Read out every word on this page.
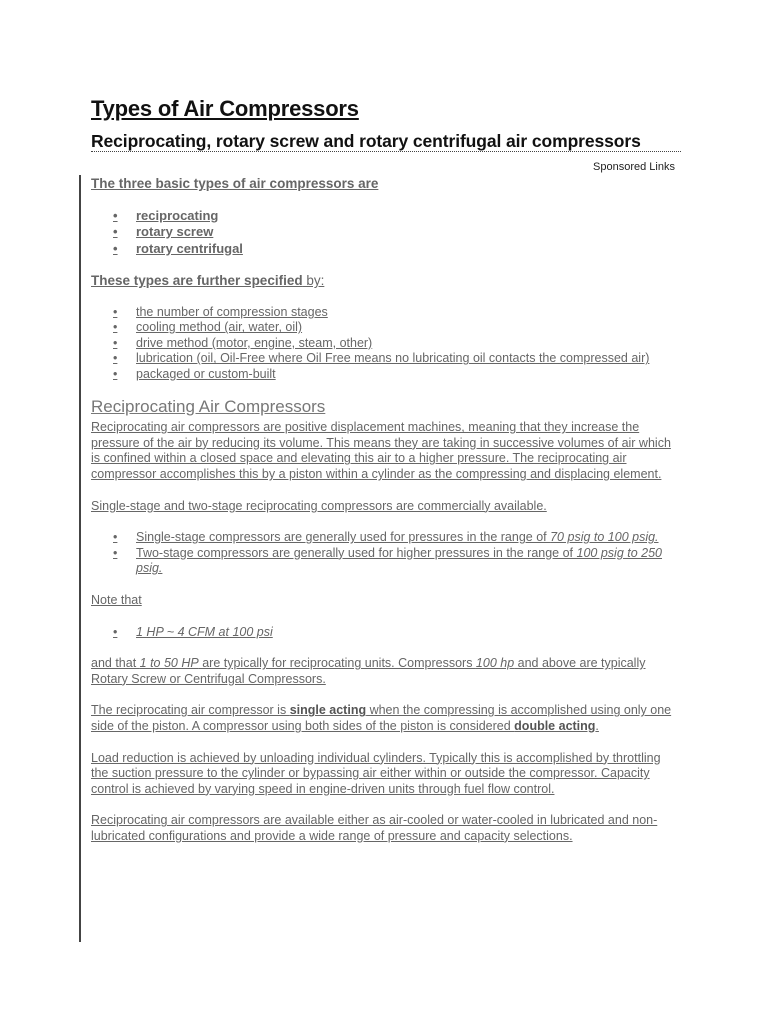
Types of Air Compressors
Reciprocating, rotary screw and rotary centrifugal air compressors
Sponsored Links

The three basic types of air compressors are

• reciprocating
• rotary screw
• rotary centrifugal

These types are further specified by:

• the number of compression stages
• cooling method (air, water, oil)
• drive method (motor, engine, steam, other)
• lubrication (oil, Oil-Free where Oil Free means no lubricating oil contacts the compressed air)
• packaged or custom-built
Reciprocating Air Compressors

Reciprocating air compressors are positive displacement machines, meaning that they increase the pressure of the air by reducing its volume. This means they are taking in successive volumes of air which is confined within a closed space and elevating this air to a higher pressure. The reciprocating air compressor accomplishes this by a piston within a cylinder as the compressing and displacing element.

Single-stage and two-stage reciprocating compressors are commercially available.

• Single-stage compressors are generally used for pressures in the range of 70 psig to 100 psig.
• Two-stage compressors are generally used for higher pressures in the range of 100 psig to 250 psig.

Note that

• 1 HP ~ 4 CFM at 100 psi

and that 1 to 50 HP are typically for reciprocating units. Compressors 100 hp and above are typically Rotary Screw or Centrifugal Compressors.

The reciprocating air compressor is single acting when the compressing is accomplished using only one side of the piston. A compressor using both sides of the piston is considered double acting.

Load reduction is achieved by unloading individual cylinders. Typically this is accomplished by throttling the suction pressure to the cylinder or bypassing air either within or outside the compressor. Capacity control is achieved by varying speed in engine-driven units through fuel flow control.

Reciprocating air compressors are available either as air-cooled or water-cooled in lubricated and non-lubricated configurations and provide a wide range of pressure and capacity selections.
